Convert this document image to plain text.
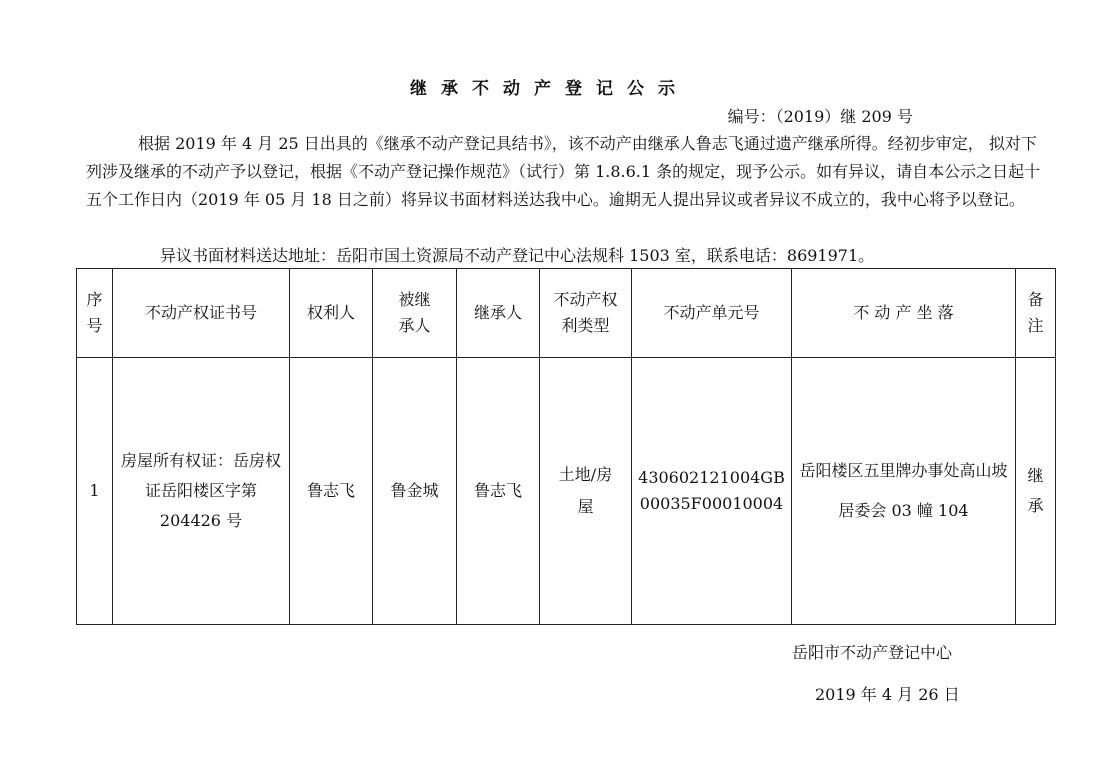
继承不动产登记公示
编号：（2019）继 209 号

根据 2019 年 4 月 25 日出具的《继承不动产登记具结书》，该不动产由继承人鲁志飞通过遗产继承所得。经初步审定， 拟对下列涉及继承的不动产予以登记，根据《不动产登记操作规范》（试行）第 1.8.6.1 条的规定，现予公示。如有异议，请自本公示之日起十五个工作日内（2019 年 05 月 18 日之前）将异议书面材料送达我中心。逾期无人提出异议或者异议不成立的，我中心将予以登记。

异议书面材料送达地址：岳阳市国土资源局不动产登记中心法规科 1503 室，联系电话：8691971。

序号	不动产权证书号	权利人	被继承人	继承人	不动产权利类型	不动产单元号	不 动 产 坐 落	备注
1	房屋所有权证：岳房权证岳阳楼区字第 204426 号	鲁志飞	鲁金城	鲁志飞	土地/房屋	430602121004GB00035F00010004	岳阳楼区五里牌办事处高山坡居委会 03 幢 104	继承
岳阳市不动产登记中心
2019 年 4 月 26 日
